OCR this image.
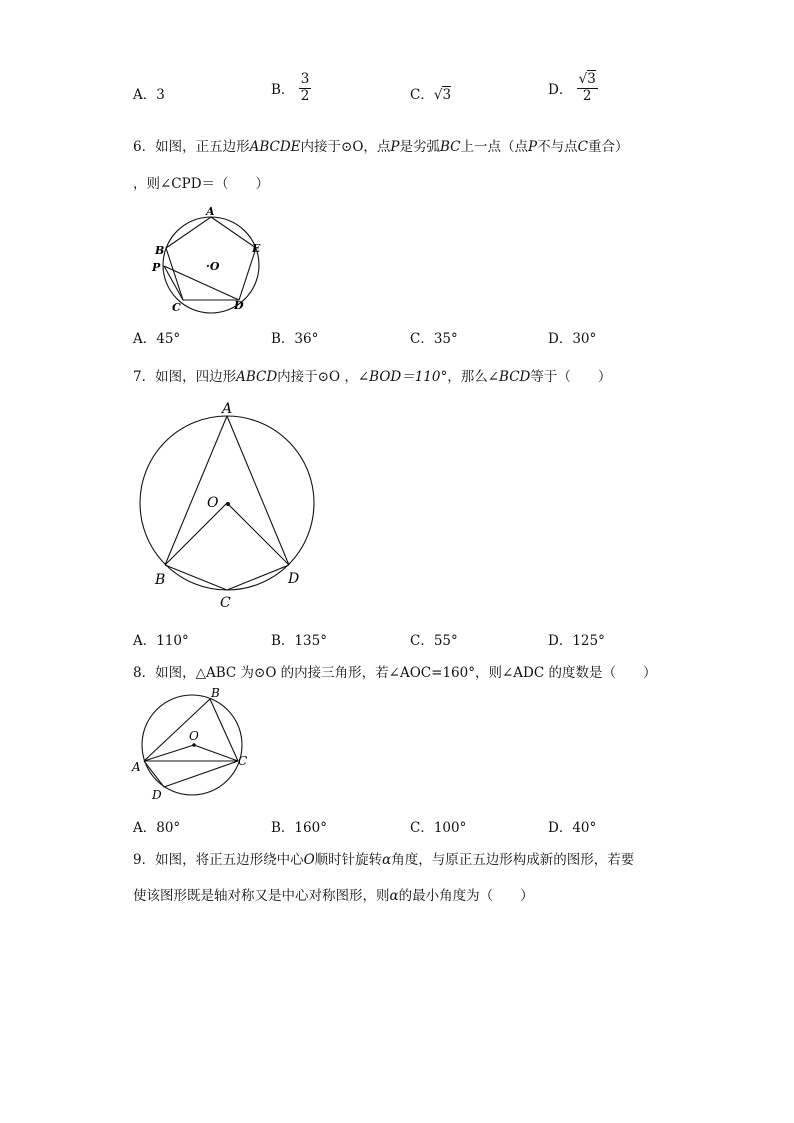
A．3	B． $\frac{3}{2}$	C．√3	D． $\frac{√3}{2}$
6．如图，正五边形ABCDE内接于⊙O，点P是劣弧BC上一点（点P不与点C重合）
，则∠CPD＝（　　）
A
B
P
C	D
E
·O
A．45°	B．36°	C．35°	D．30°
7．如图，四边形ABCD内接于⊙O ，∠BOD＝110°，那么∠BCD等于（　　）
A
O
B
C
D
A．110°	B．135°	C．55°	D．125°
8．如图，△ABC 为⊙O 的内接三角形，若∠AOC=160°，则∠ADC 的度数是（　　）
B
O
A	C
D
A．80°	B．160°	C．100°	D．40°
9．如图，将正五边形绕中心O顺时针旋转α角度，与原正五边形构成新的图形，若要
使该图形既是轴对称又是中心对称图形，则α的最小角度为（　　）
